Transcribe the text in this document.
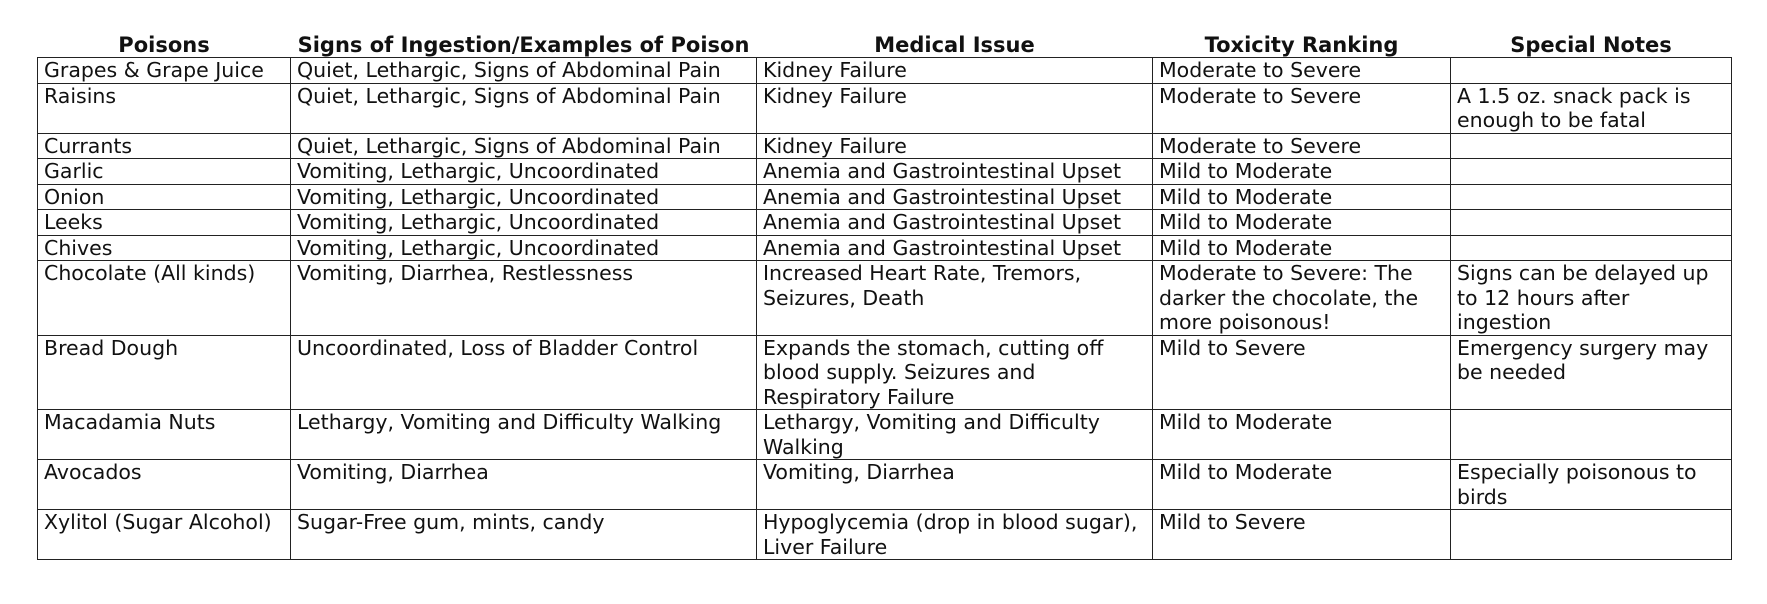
Poisons	Signs of Ingestion/Examples of Poison	Medical Issue	Toxicity Ranking	Special Notes
Grapes & Grape Juice	Quiet, Lethargic, Signs of Abdominal Pain	Kidney Failure	Moderate to Severe	
Raisins	Quiet, Lethargic, Signs of Abdominal Pain	Kidney Failure	Moderate to Severe	A 1.5 oz. snack pack is enough to be fatal
Currants	Quiet, Lethargic, Signs of Abdominal Pain	Kidney Failure	Moderate to Severe	
Garlic	Vomiting, Lethargic, Uncoordinated	Anemia and Gastrointestinal Upset	Mild to Moderate	
Onion	Vomiting, Lethargic, Uncoordinated	Anemia and Gastrointestinal Upset	Mild to Moderate	
Leeks	Vomiting, Lethargic, Uncoordinated	Anemia and Gastrointestinal Upset	Mild to Moderate	
Chives	Vomiting, Lethargic, Uncoordinated	Anemia and Gastrointestinal Upset	Mild to Moderate	
Chocolate (All kinds)	Vomiting, Diarrhea, Restlessness	Increased Heart Rate, Tremors, Seizures, Death	Moderate to Severe: The darker the chocolate, the more poisonous!	Signs can be delayed up to 12 hours after ingestion
Bread Dough	Uncoordinated, Loss of Bladder Control	Expands the stomach, cutting off blood supply. Seizures and Respiratory Failure	Mild to Severe	Emergency surgery may be needed
Macadamia Nuts	Lethargy, Vomiting and Difficulty Walking	Lethargy, Vomiting and Difficulty Walking	Mild to Moderate	
Avocados	Vomiting, Diarrhea	Vomiting, Diarrhea	Mild to Moderate	Especially poisonous to birds
Xylitol (Sugar Alcohol)	Sugar-Free gum, mints, candy	Hypoglycemia (drop in blood sugar), Liver Failure	Mild to Severe	
